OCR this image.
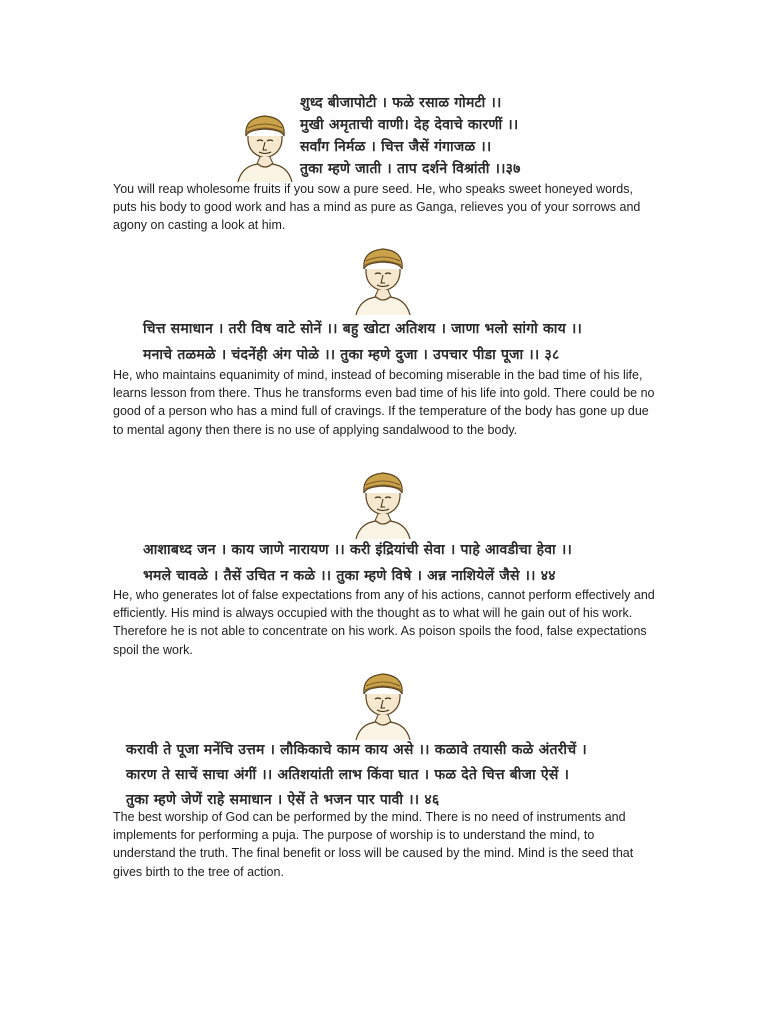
शुध्द बीजापोटी । फळे रसाळ गोमटी ।।
मुखी अमृताची वाणी। देह देवाचे कारणीं ।।
सर्वांग निर्मळ । चित्त जैसें गंगाजळ ।।
तुका म्हणे जाती । ताप दर्शने विश्रांती ।।३७

You will reap wholesome fruits if you sow a pure seed. He, who speaks sweet honeyed words, puts his body to good work and has a mind as pure as Ganga, relieves you of your sorrows and agony on casting a look at him.

चित्त समाधान । तरी विष वाटे सोनें ।। बहु खोटा अतिशय । जाणा भलो सांगो काय ।।
मनाचे तळमळे । चंदनेंही अंग पोळे ।। तुका म्हणे दुजा । उपचार पीडा पूजा ।। ३८

He, who maintains equanimity of mind, instead of becoming miserable in the bad time of his life, learns lesson from there. Thus he transforms even bad time of his life into gold. There could be no good of a person who has a mind full of cravings. If the temperature of the body has gone up due to mental agony then there is no use of applying sandalwood to the body.

आशाबध्द जन । काय जाणे नारायण ।। करी इंद्रियांची सेवा । पाहे आवडीचा हेवा ।।
भमले चावळे । तैसें उचित न कळे ।। तुका म्हणे विषे । अन्न नाशियेलें जैसे ।। ४४

He, who generates lot of false expectations from any of his actions, cannot perform effectively and efficiently. His mind is always occupied with the thought as to what will he gain out of his work. Therefore he is not able to concentrate on his work. As poison spoils the food, false expectations spoil the work.

करावी ते पूजा मनेंचि उत्तम । लौकिकाचे काम काय असे ।। कळावे तयासी कळे अंतरीचें ।
कारण ते साचें साचा अंगीं ।। अतिशयांती लाभ किंवा घात । फळ देते चित्त बीजा ऐसें ।
तुका म्हणे जेणें राहे समाधान । ऐसें ते भजन पार पावी ।। ४६

The best worship of God can be performed by the mind. There is no need of instruments and implements for performing a puja. The purpose of worship is to understand the mind, to understand the truth. The final benefit or loss will be caused by the mind. Mind is the seed that gives birth to the tree of action.
